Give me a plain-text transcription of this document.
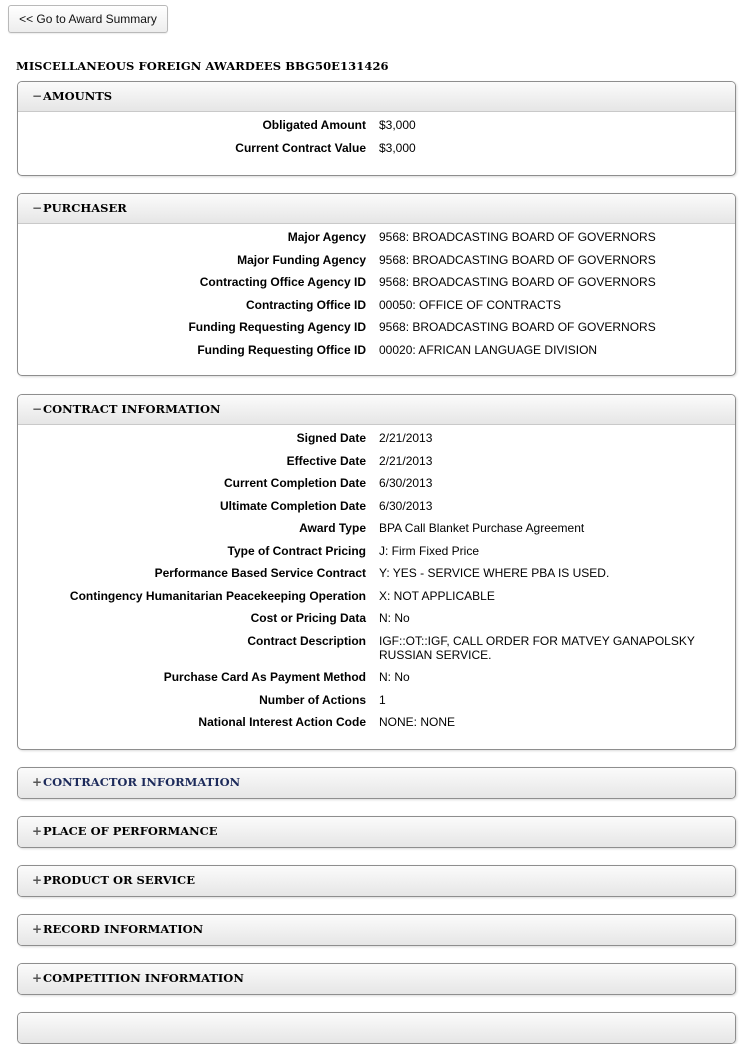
<< Go to Award Summary
MISCELLANEOUS FOREIGN AWARDEES BBG50E131426
−AMOUNTS
Obligated Amount	$3,000
Current Contract Value	$3,000
−PURCHASER
Major Agency	9568: BROADCASTING BOARD OF GOVERNORS
Major Funding Agency	9568: BROADCASTING BOARD OF GOVERNORS
Contracting Office Agency ID	9568: BROADCASTING BOARD OF GOVERNORS
Contracting Office ID	00050: OFFICE OF CONTRACTS
Funding Requesting Agency ID	9568: BROADCASTING BOARD OF GOVERNORS
Funding Requesting Office ID	00020: AFRICAN LANGUAGE DIVISION
−CONTRACT INFORMATION
Signed Date	2/21/2013
Effective Date	2/21/2013
Current Completion Date	6/30/2013
Ultimate Completion Date	6/30/2013
Award Type	BPA Call Blanket Purchase Agreement
Type of Contract Pricing	J: Firm Fixed Price
Performance Based Service Contract	Y: YES - SERVICE WHERE PBA IS USED.
Contingency Humanitarian Peacekeeping Operation	X: NOT APPLICABLE
Cost or Pricing Data	N: No
Contract Description	IGF::OT::IGF, CALL ORDER FOR MATVEY GANAPOLSKY RUSSIAN SERVICE.
Purchase Card As Payment Method	N: No
Number of Actions	1
National Interest Action Code	NONE: NONE
+CONTRACTOR INFORMATION
+PLACE OF PERFORMANCE
+PRODUCT OR SERVICE
+RECORD INFORMATION
+COMPETITION INFORMATION
